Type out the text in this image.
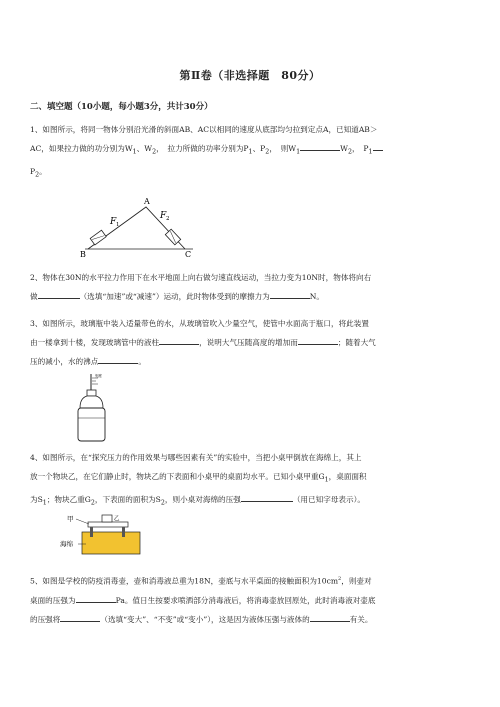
第Ⅱ卷（非选择题　80分）
二、填空题（10小题，每小题3分，共计30分）
1、如图所示，将同一物体分别沿光滑的斜面AB、AC以相同的速度从底部均匀拉到定点A，已知道AB＞
AC，如果拉力做的功分别为$W_1$、$W_2$，　拉力所做的功率分别为$P_1$、$P_2$，　则$W_1$	$W_2$，　$P_1$
$P_2$。
A
B	C
F 1
F 2
2、物体在30N的水平拉力作用下在水平地面上向右做匀速直线运动，当拉力变为10N时，物体将向右
做	（选填“加速”或“减速”）运动，此时物体受到的摩擦力为	N。
3、如图所示，玻璃瓶中装入适量带色的水，从玻璃管吹入少量空气，使管中水面高于瓶口，将此装置
由一楼拿到十楼，发现玻璃管中的液柱	，说明大气压随高度的增加而	；随着大气
压的减小，水的沸点	。
刻度
4、如图所示，在“探究压力的作用效果与哪些因素有关”的实验中，当把小桌甲倒放在海绵上，其上
放一个物块乙，在它们静止时，物块乙的下表面和小桌甲的桌面均水平。已知小桌甲重$G_1$，桌面面积
为$S_1$；物块乙重$G_2$，下表面的面积为$S_2$，则小桌对海绵的压强	（用已知字母表示）。
甲	乙
海绵
5、如图是学校的防疫消毒壶，壶和消毒液总重为18N，壶底与水平桌面的接触面积为$10cm^2$，则壶对
桌面的压强为	Pa。值日生按要求喷洒部分消毒液后，将消毒壶放回原处，此时消毒液对壶底
的压强将	（选填“变大”、“不变”或“变小”），这是因为液体压强与液体的	有关。
